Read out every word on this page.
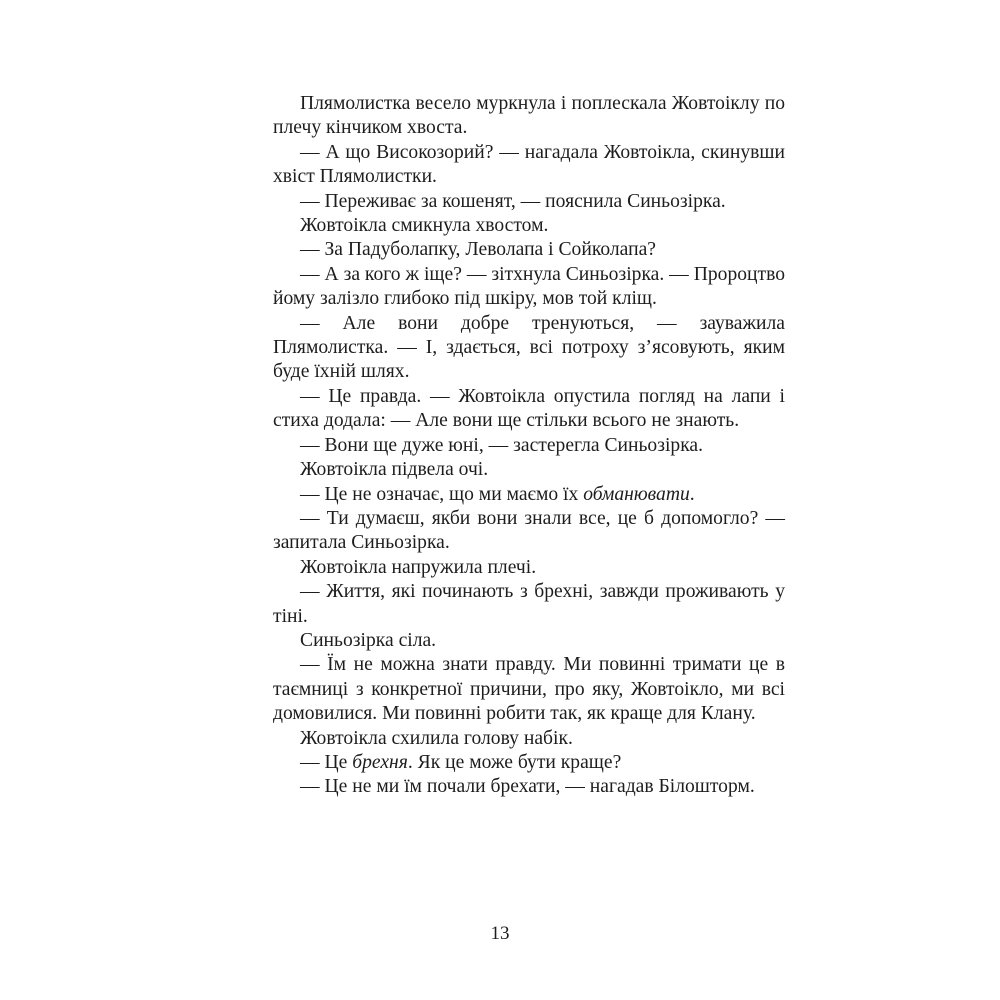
Плямолистка весело муркнула і поплескала Жовтоіклу по плечу кінчиком хвоста.

— А що Високозорий? — нагадала Жовтоікла, скинувши хвіст Плямолистки.

— Переживає за кошенят, — пояснила Синьозірка.

Жовтоікла смикнула хвостом.

— За Падуболапку, Леволапа і Сойколапа?

— А за кого ж іще? — зітхнула Синьозірка. — Пророцтво йому залізло глибоко під шкіру, мов той кліщ.

— Але вони добре тренуються, — зауважила Плямолистка. — І, здається, всі потроху з’ясовують, яким буде їхній шлях.

— Це правда. — Жовтоікла опустила погляд на лапи і стиха додала: — Але вони ще стільки всього не знають.

— Вони ще дуже юні, — застерегла Синьозірка.

Жовтоікла підвела очі.

— Це не означає, що ми маємо їх обманювати.

— Ти думаєш, якби вони знали все, це б допомогло? — запитала Синьозірка.

Жовтоікла напружила плечі.

— Життя, які починають з брехні, завжди проживають у тіні.

Синьозірка сіла.

— Їм не можна знати правду. Ми повинні тримати це в таємниці з конкретної причини, про яку, Жовтоікло, ми всі домовилися. Ми повинні робити так, як краще для Клану.

Жовтоікла схилила голову набік.

— Це брехня. Як це може бути краще?

— Це не ми їм почали брехати, — нагадав Білошторм.

13
